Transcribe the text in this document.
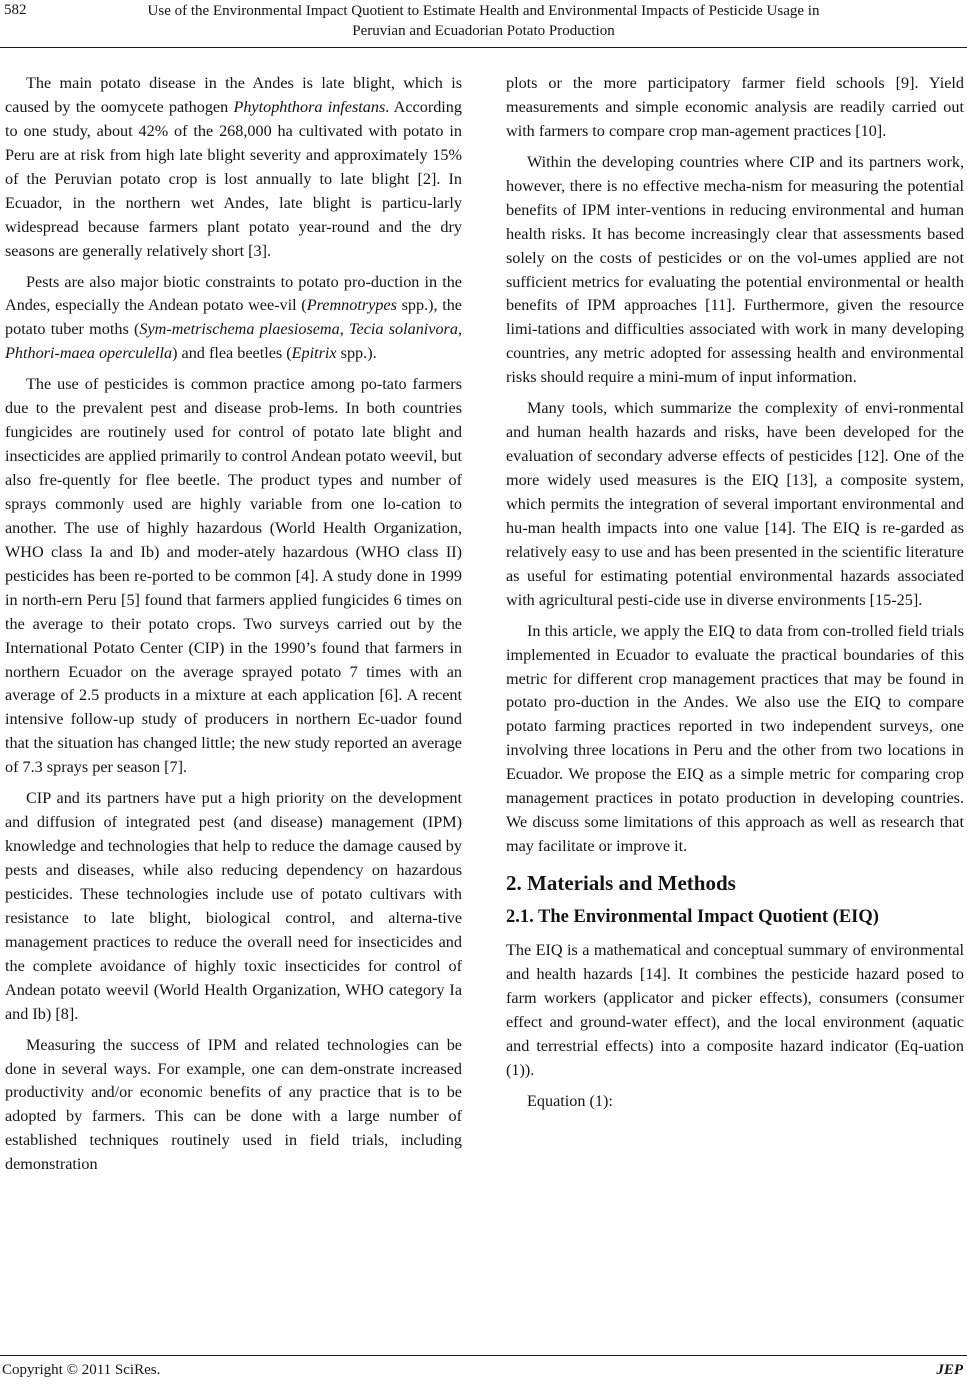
582	Use of the Environmental Impact Quotient to Estimate Health and Environmental Impacts of Pesticide Usage in
Peruvian and Ecuadorian Potato Production

The main potato disease in the Andes is late blight, which is caused by the oomycete pathogen Phytophthora infestans. According to one study, about 42% of the 268,000 ha cultivated with potato in Peru are at risk from high late blight severity and approximately 15% of the Peruvian potato crop is lost annually to late blight [2]. In Ecuador, in the northern wet Andes, late blight is particu-larly widespread because farmers plant potato year-round and the dry seasons are generally relatively short [3].

Pests are also major biotic constraints to potato pro-duction in the Andes, especially the Andean potato wee-vil (Premnotrypes spp.), the potato tuber moths (Sym-metrischema plaesiosema, Tecia solanivora, Phthori-maea operculella) and flea beetles (Epitrix spp.).

The use of pesticides is common practice among po-tato farmers due to the prevalent pest and disease prob-lems. In both countries fungicides are routinely used for control of potato late blight and insecticides are applied primarily to control Andean potato weevil, but also fre-quently for flee beetle. The product types and number of sprays commonly used are highly variable from one lo-cation to another. The use of highly hazardous (World Health Organization, WHO class Ia and Ib) and moder-ately hazardous (WHO class II) pesticides has been re-ported to be common [4]. A study done in 1999 in north-ern Peru [5] found that farmers applied fungicides 6 times on the average to their potato crops. Two surveys carried out by the International Potato Center (CIP) in the 1990’s found that farmers in northern Ecuador on the average sprayed potato 7 times with an average of 2.5 products in a mixture at each application [6]. A recent intensive follow-up study of producers in northern Ec-uador found that the situation has changed little; the new study reported an average of 7.3 sprays per season [7].

CIP and its partners have put a high priority on the development and diffusion of integrated pest (and disease) management (IPM) knowledge and technologies that help to reduce the damage caused by pests and diseases, while also reducing dependency on hazardous pesticides. These technologies include use of potato cultivars with resistance to late blight, biological control, and alterna-tive management practices to reduce the overall need for insecticides and the complete avoidance of highly toxic insecticides for control of Andean potato weevil (World Health Organization, WHO category Ia and Ib) [8].

Measuring the success of IPM and related technologies can be done in several ways. For example, one can dem-onstrate increased productivity and/or economic benefits of any practice that is to be adopted by farmers. This can be done with a large number of established techniques routinely used in field trials, including demonstration

plots or the more participatory farmer field schools [9]. Yield measurements and simple economic analysis are readily carried out with farmers to compare crop man-agement practices [10].

Within the developing countries where CIP and its partners work, however, there is no effective mecha-nism for measuring the potential benefits of IPM inter-ventions in reducing environmental and human health risks. It has become increasingly clear that assessments based solely on the costs of pesticides or on the vol-umes applied are not sufficient metrics for evaluating the potential environmental or health benefits of IPM approaches [11]. Furthermore, given the resource limi-tations and difficulties associated with work in many developing countries, any metric adopted for assessing health and environmental risks should require a mini-mum of input information.

Many tools, which summarize the complexity of envi-ronmental and human health hazards and risks, have been developed for the evaluation of secondary adverse effects of pesticides [12]. One of the more widely used measures is the EIQ [13], a composite system, which permits the integration of several important environmental and hu-man health impacts into one value [14]. The EIQ is re-garded as relatively easy to use and has been presented in the scientific literature as useful for estimating potential environmental hazards associated with agricultural pesti-cide use in diverse environments [15-25].

In this article, we apply the EIQ to data from con-trolled field trials implemented in Ecuador to evaluate the practical boundaries of this metric for different crop management practices that may be found in potato pro-duction in the Andes. We also use the EIQ to compare potato farming practices reported in two independent surveys, one involving three locations in Peru and the other from two locations in Ecuador. We propose the EIQ as a simple metric for comparing crop management practices in potato production in developing countries. We discuss some limitations of this approach as well as research that may facilitate or improve it.

2. Materials and Methods
2.1. The Environmental Impact Quotient (EIQ)

The EIQ is a mathematical and conceptual summary of environmental and health hazards [14]. It combines the pesticide hazard posed to farm workers (applicator and picker effects), consumers (consumer effect and ground-water effect), and the local environment (aquatic and terrestrial effects) into a composite hazard indicator (Eq-uation (1)).

Equation (1):

Copyright © 2011 SciRes.	JEP
